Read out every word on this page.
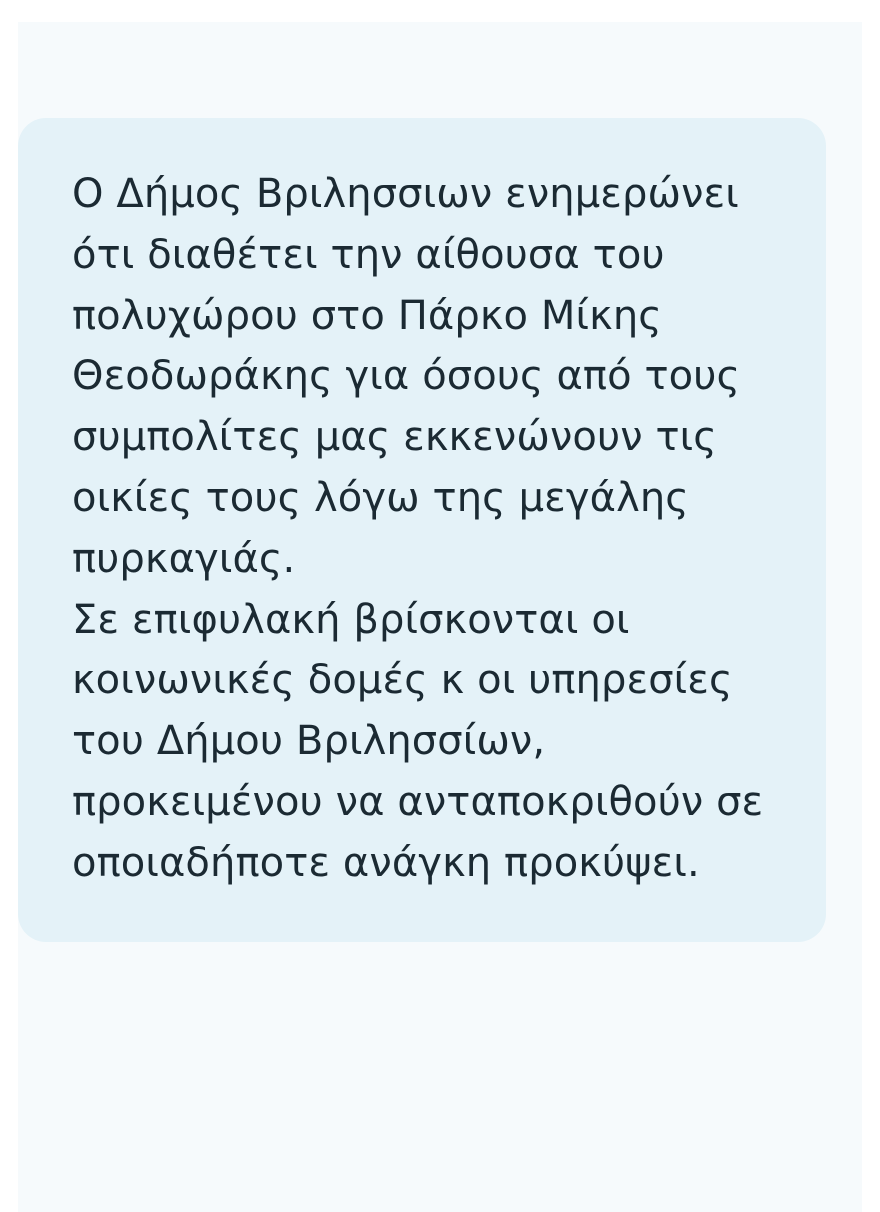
Ο Δήμος Βριλησσιων ενημερώνει ότι διαθέτει την αίθουσα του πολυχώρου στο Πάρκο Μίκης Θεοδωράκης για όσους από τους συμπολίτες μας εκκενώνουν τις οικίες τους λόγω της μεγάλης πυρκαγιάς.
Σε επιφυλακή βρίσκονται οι κοινωνικές δομές κ οι υπηρεσίες του Δήμου Βριλησσίων, προκειμένου να ανταποκριθούν σε οποιαδήποτε ανάγκη προκύψει.
